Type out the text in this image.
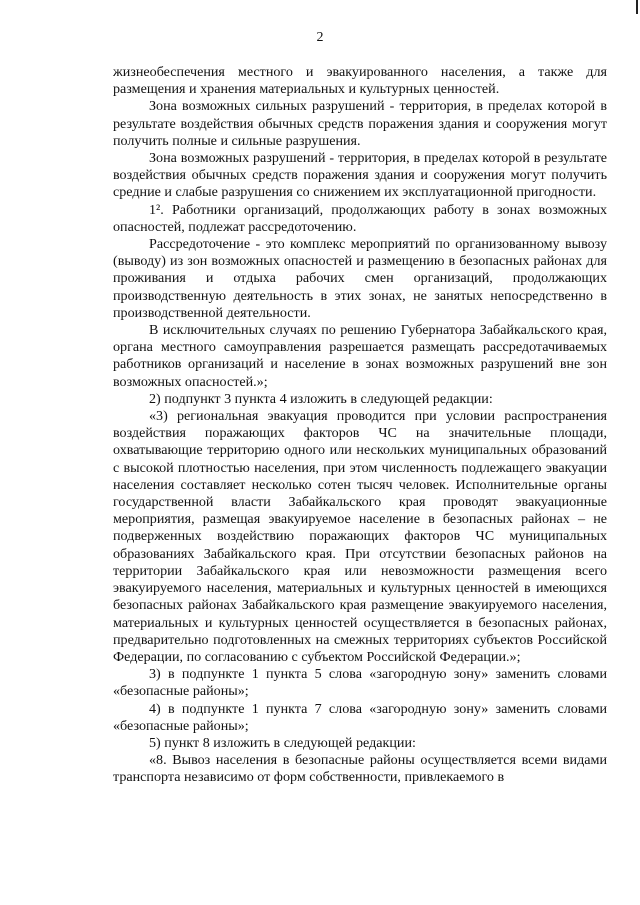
2

жизнеобеспечения местного и эвакуированного населения, а также для размещения и хранения материальных и культурных ценностей.

Зона возможных сильных разрушений - территория, в пределах которой в результате воздействия обычных средств поражения здания и сооружения могут получить полные и сильные разрушения.

Зона возможных разрушений - территория, в пределах которой в результате воздействия обычных средств поражения здания и сооружения могут получить средние и слабые разрушения со снижением их эксплуатационной пригодности.

1². Работники организаций, продолжающих работу в зонах возможных опасностей, подлежат рассредоточению.

Рассредоточение - это комплекс мероприятий по организованному вывозу (выводу) из зон возможных опасностей и размещению в безопасных районах для проживания и отдыха рабочих смен организаций, продолжающих производственную деятельность в этих зонах, не занятых непосредственно в производственной деятельности.

В исключительных случаях по решению Губернатора Забайкальского края, органа местного самоуправления разрешается размещать рассредотачиваемых работников организаций и население в зонах возможных разрушений вне зон возможных опасностей.»;

2) подпункт 3 пункта 4 изложить в следующей редакции:

«3) региональная эвакуация проводится при условии распространения воздействия поражающих факторов ЧС на значительные площади, охватывающие территорию одного или нескольких муниципальных образований с высокой плотностью населения, при этом численность подлежащего эвакуации населения составляет несколько сотен тысяч человек. Исполнительные органы государственной власти Забайкальского края проводят эвакуационные мероприятия, размещая эвакуируемое население в безопасных районах – не подверженных воздействию поражающих факторов ЧС муниципальных образованиях Забайкальского края. При отсутствии безопасных районов на территории Забайкальского края или невозможности размещения всего эвакуируемого населения, материальных и культурных ценностей в имеющихся безопасных районах Забайкальского края размещение эвакуируемого населения, материальных и культурных ценностей осуществляется в безопасных районах, предварительно подготовленных на смежных территориях субъектов Российской Федерации, по согласованию с субъектом Российской Федерации.»;

3) в подпункте 1 пункта 5 слова «загородную зону» заменить словами «безопасные районы»;

4) в подпункте 1 пункта 7 слова «загородную зону» заменить словами «безопасные районы»;

5) пункт 8 изложить в следующей редакции:

«8. Вывоз населения в безопасные районы осуществляется всеми видами транспорта независимо от форм собственности, привлекаемого в
